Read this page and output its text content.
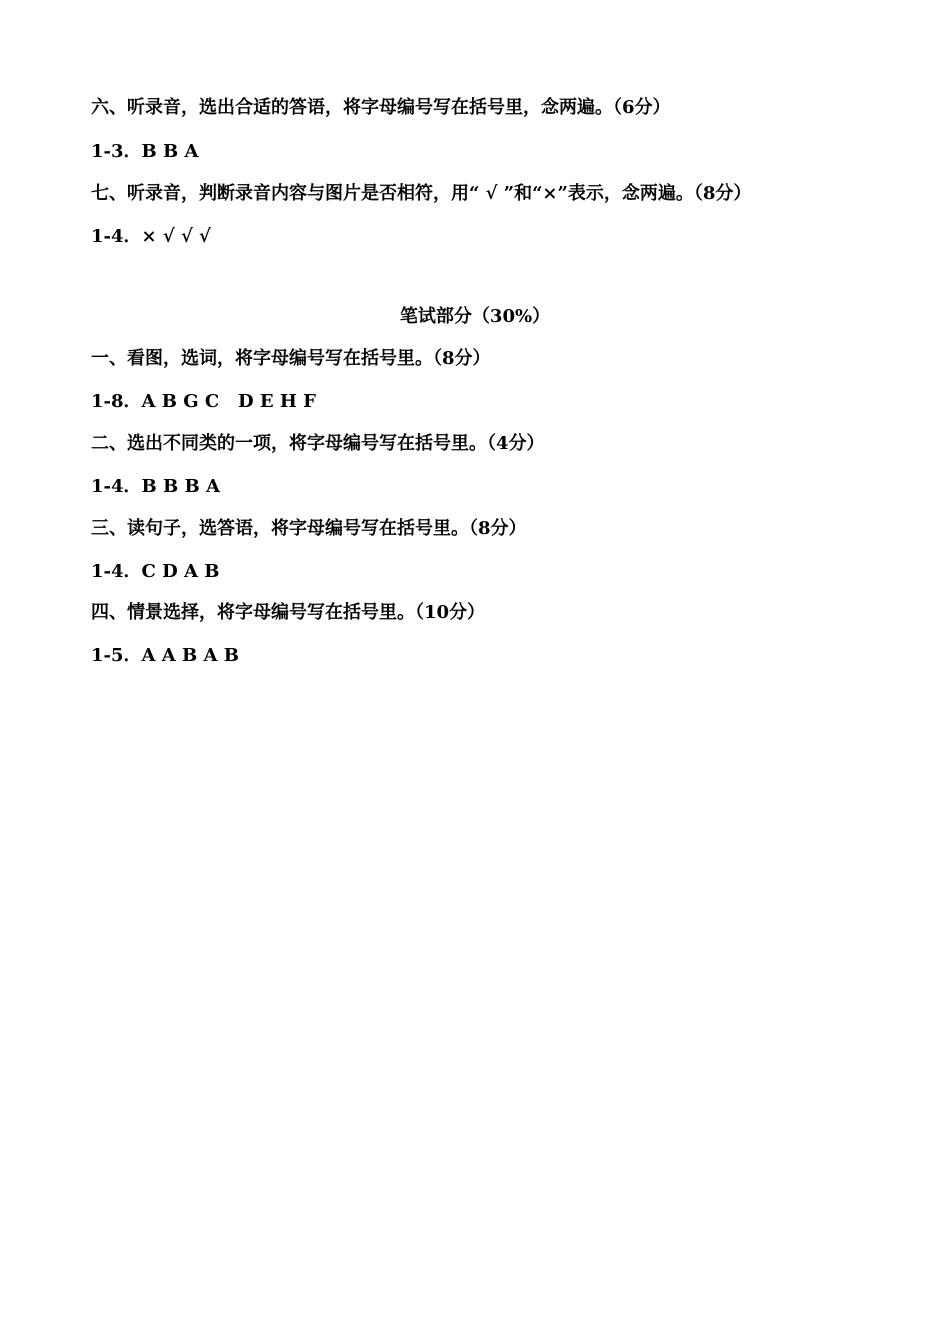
六、听录音，选出合适的答语，将字母编号写在括号里，念两遍。（6分）
1-3．B B A
七、听录音，判断录音内容与图片是否相符，用“ √ ”和“×”表示，念两遍。（8分）
1-4．× √ √ √
笔试部分（30%）
一、看图，选词，将字母编号写在括号里。（8分）
1-8．A B G C   D E H F
二、选出不同类的一项，将字母编号写在括号里。（4分）
1-4．B B B A
三、读句子，选答语，将字母编号写在括号里。（8分）
1-4．C D A B
四、情景选择，将字母编号写在括号里。（10分）
1-5．A A B A B
